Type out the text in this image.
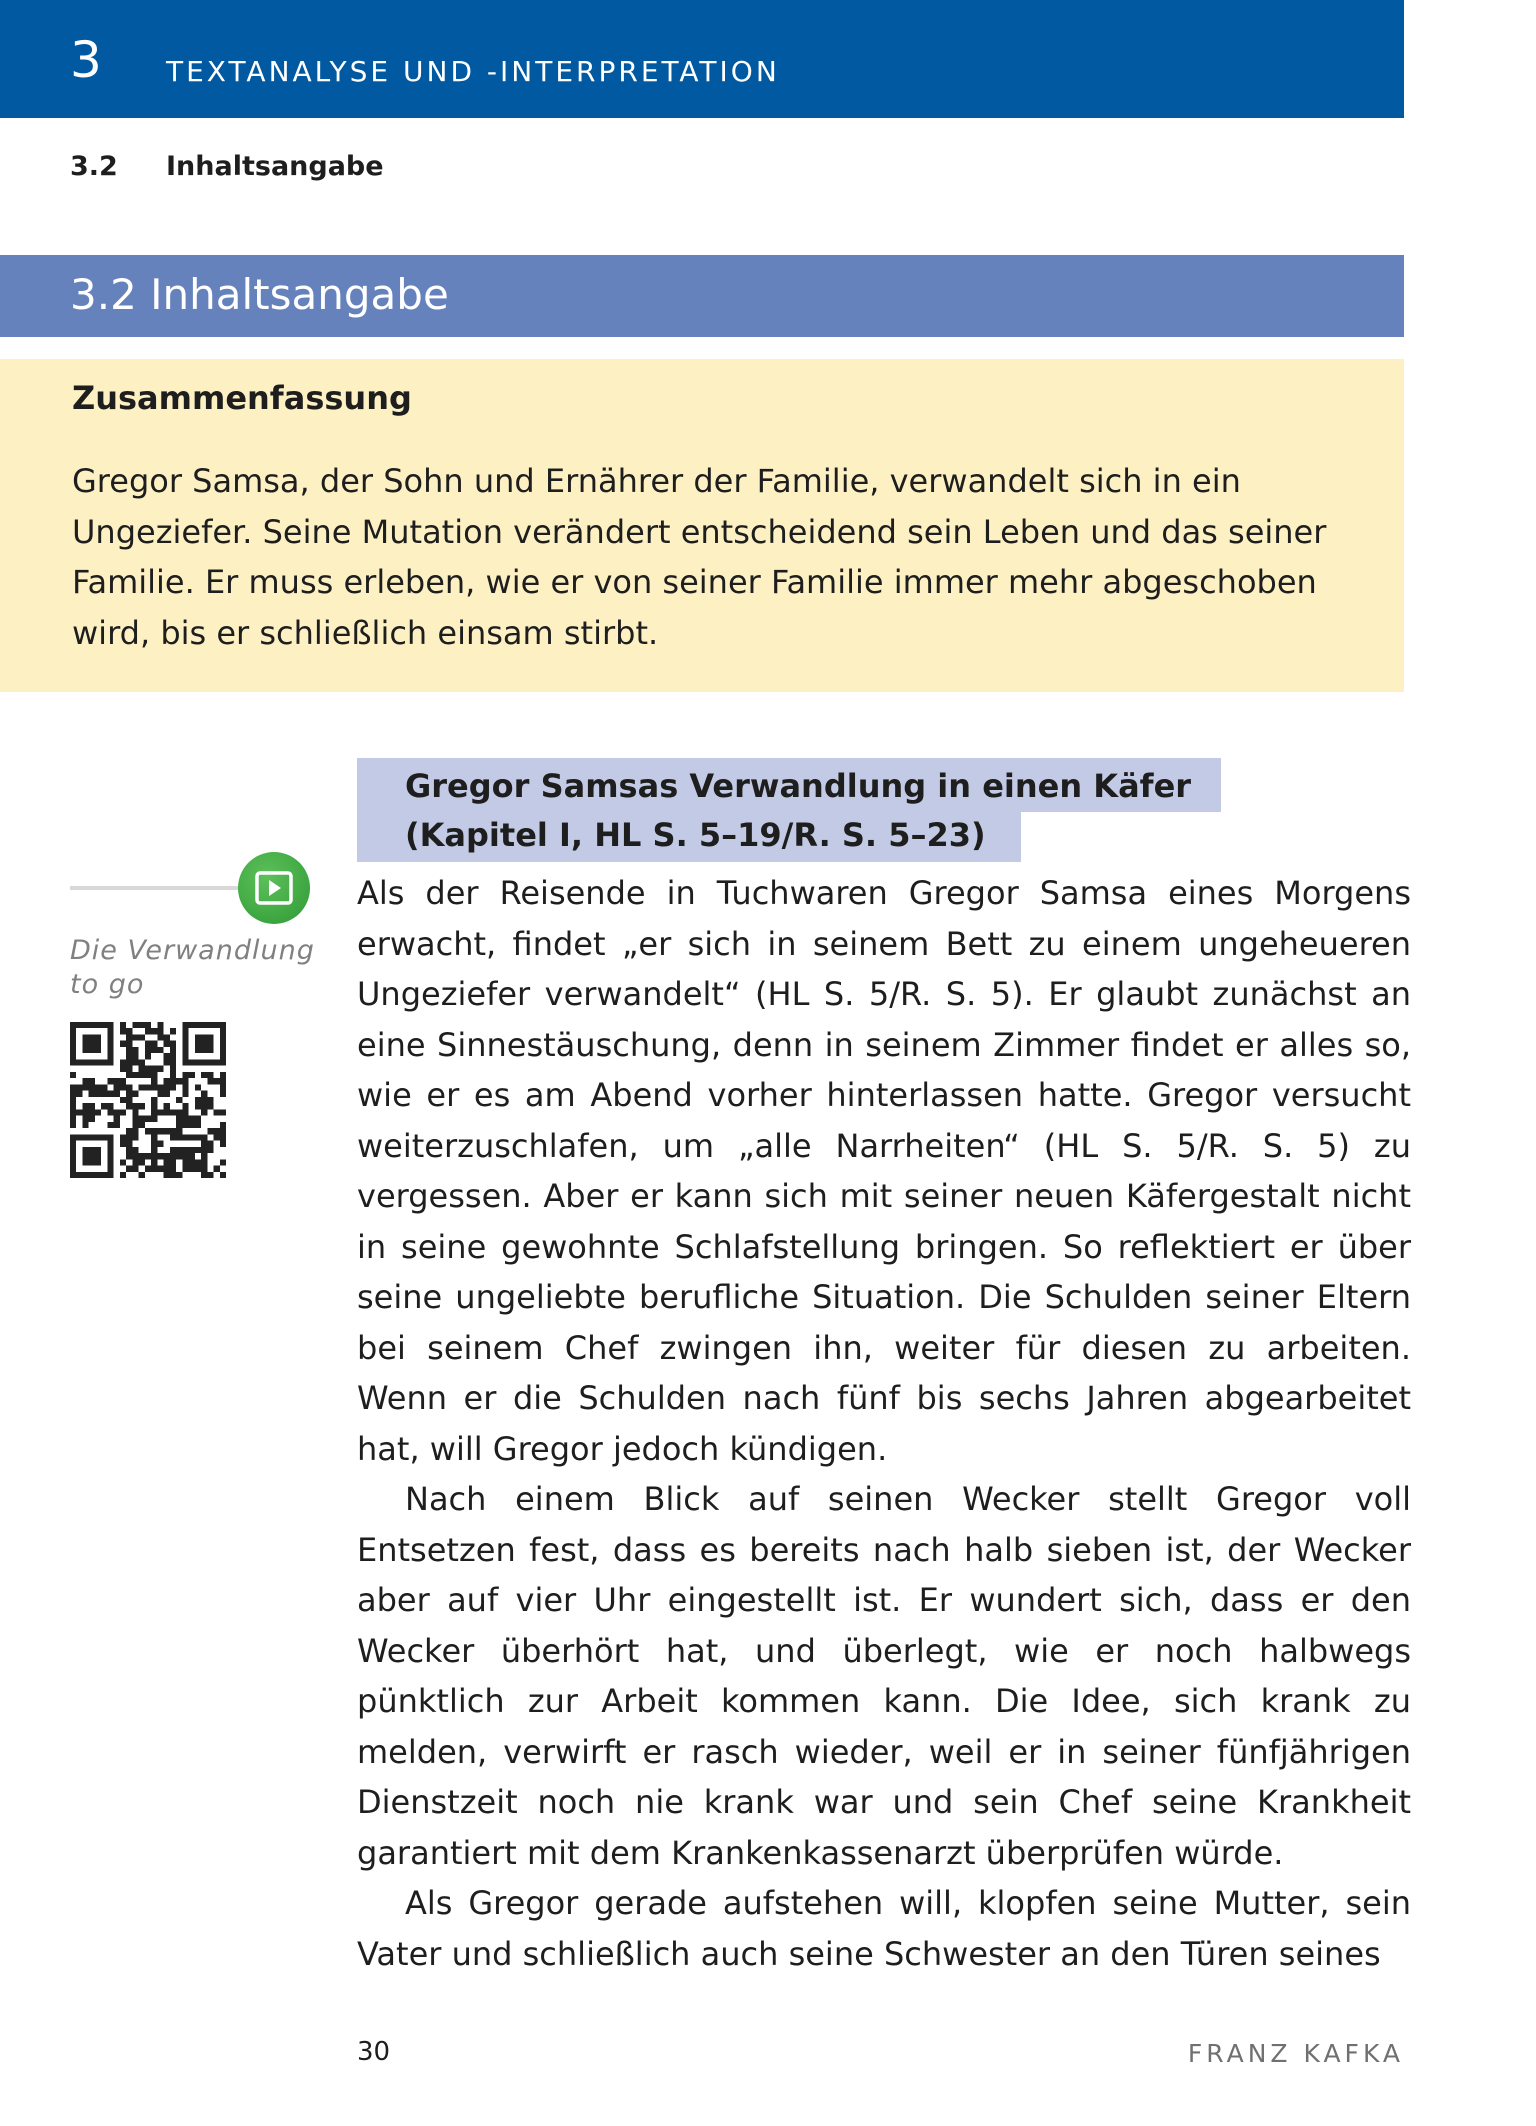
3 TEXTANALYSE UND -INTERPRETATION
3.2 Inhaltsangabe
3.2 Inhaltsangabe
Zusammenfassung

Gregor Samsa, der Sohn und Ernährer der Familie, verwandelt sich in ein Ungeziefer. Seine Mutation verändert entscheidend sein Leben und das seiner Familie. Er muss erleben, wie er von seiner Familie immer mehr abgeschoben wird, bis er schließlich einsam stirbt.

Gregor Samsas Verwandlung in einen Käfer
(Kapitel I, HL S. 5–19/R. S. 5–23)
Die Verwandlung
to go

Als der Reisende in Tuchwaren Gregor Samsa eines Morgens erwacht, findet „er sich in seinem Bett zu einem ungeheueren Ungeziefer verwandelt“ (HL S. 5/R. S. 5). Er glaubt zunächst an eine Sinnestäuschung, denn in seinem Zimmer findet er alles so, wie er es am Abend vorher hinterlassen hatte. Gregor versucht weiterzuschlafen, um „alle Narrheiten“ (HL S. 5/R. S. 5) zu vergessen. Aber er kann sich mit seiner neuen Käfergestalt nicht in seine gewohnte Schlafstellung bringen. So reflektiert er über seine ungeliebte berufliche Situation. Die Schulden seiner Eltern bei seinem Chef zwingen ihn, weiter für diesen zu arbeiten. Wenn er die Schulden nach fünf bis sechs Jahren abgearbeitet hat, will Gregor jedoch kündigen.

Nach einem Blick auf seinen Wecker stellt Gregor voll Entsetzen fest, dass es bereits nach halb sieben ist, der Wecker aber auf vier Uhr eingestellt ist. Er wundert sich, dass er den Wecker überhört hat, und überlegt, wie er noch halbwegs pünktlich zur Arbeit kommen kann. Die Idee, sich krank zu melden, verwirft er rasch wieder, weil er in seiner fünfjährigen Dienstzeit noch nie krank war und sein Chef seine Krankheit garantiert mit dem Krankenkassenarzt überprüfen würde.

Als Gregor gerade aufstehen will, klopfen seine Mutter, sein Vater und schließlich auch seine Schwester an den Türen seines

30	FRANZ KAFKA
